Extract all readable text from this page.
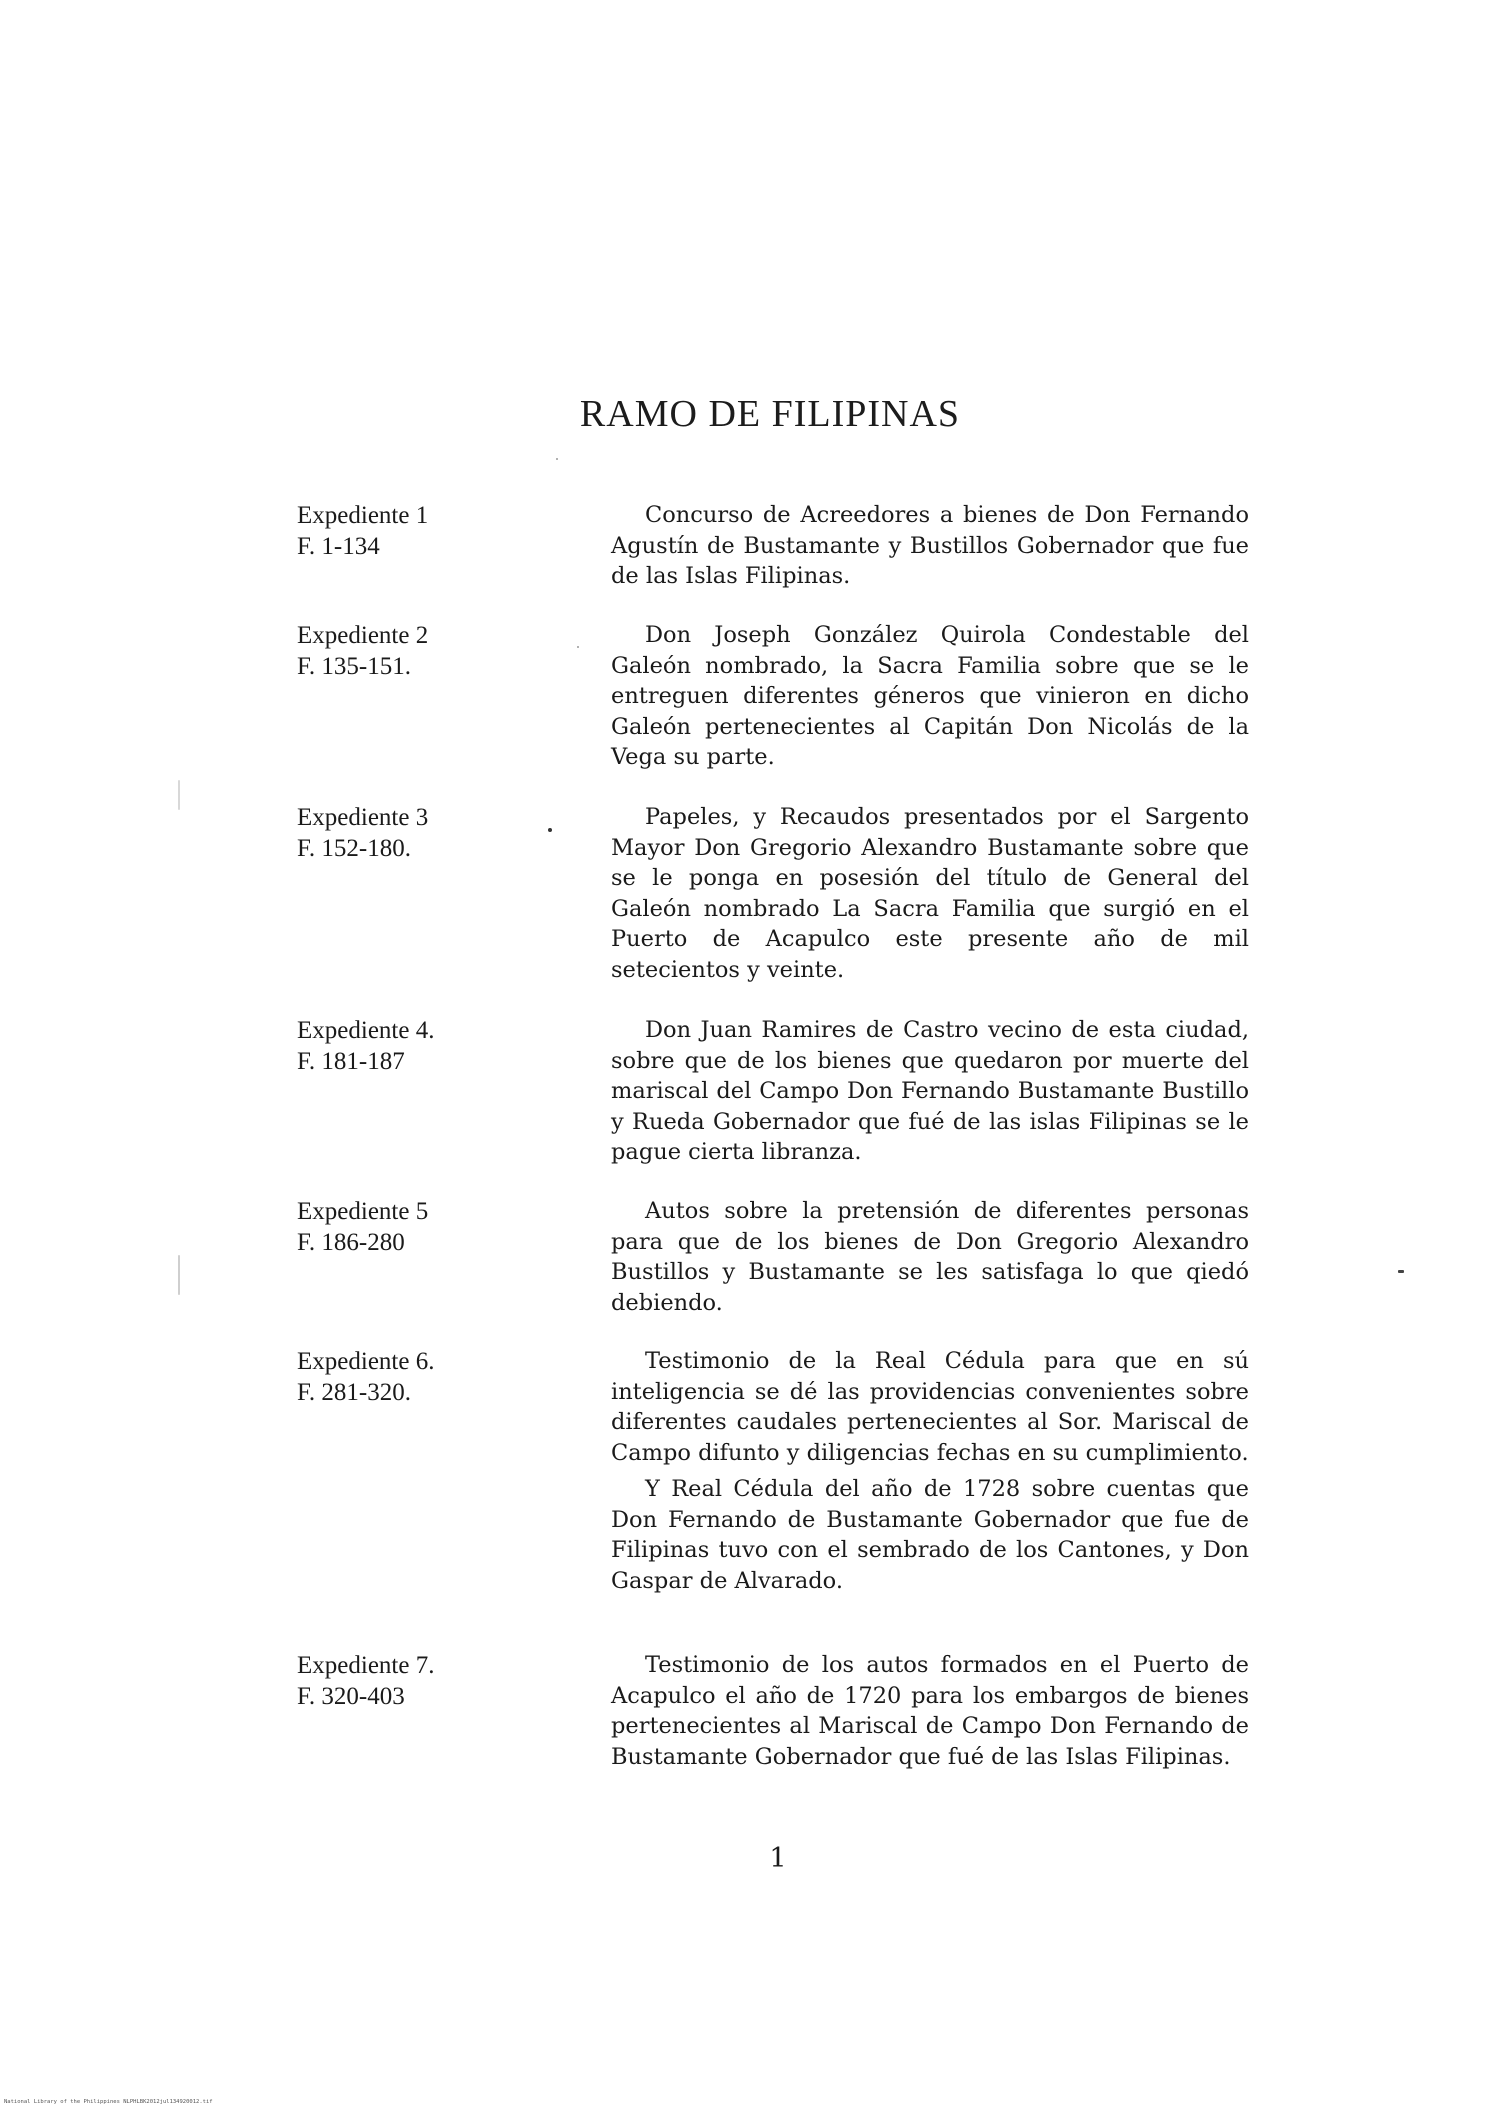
RAMO DE FILIPINAS
Expediente 1
F. 1-134

Concurso de Acreedores a bienes de Don Fernando Agustín de Bustamante y Bustillos Gobernador que fue de las Islas Filipinas.

Expediente 2
F. 135-151.

Don Joseph González Quirola Condestable del Galeón nombrado, la Sacra Familia sobre que se le entreguen diferentes géneros que vinieron en dicho Galeón pertenecientes al Capitán Don Nicolás de la Vega su parte.

Expediente 3
F. 152-180.

Papeles, y Recaudos presentados por el Sargento Mayor Don Gregorio Alexandro Bustamante sobre que se le ponga en posesión del título de General del Galeón nombrado La Sacra Familia que surgió en el Puerto de Acapulco este presente año de mil setecientos y veinte.

Expediente 4.
F. 181-187

Don Juan Ramires de Castro vecino de esta ciudad, sobre que de los bienes que quedaron por muerte del mariscal del Campo Don Fernando Bustamante Bustillo y Rueda Gobernador que fué de las islas Filipinas se le pague cierta libranza.

Expediente 5
F. 186-280

Autos sobre la pretensión de diferentes personas para que de los bienes de Don Gregorio Alexandro Bustillos y Bustamante se les satisfaga lo que qiedó debiendo.

Expediente 6.
F. 281-320.

Testimonio de la Real Cédula para que en sú inteligencia se dé las providencias convenientes sobre diferentes caudales pertenecientes al Sor. Mariscal de Campo difunto y diligencias fechas en su cumplimiento.

Y Real Cédula del año de 1728 sobre cuentas que Don Fernando de Bustamante Gobernador que fue de Filipinas tuvo con el sembrado de los Cantones, y Don Gaspar de Alvarado.

Expediente 7.
F. 320-403

Testimonio de los autos formados en el Puerto de Acapulco el año de 1720 para los embargos de bienes pertenecientes al Mariscal de Campo Don Fernando de Bustamante Gobernador que fué de las Islas Filipinas.

1
National Library of the Philippines NLPHLBK2012jul134920012.tif
